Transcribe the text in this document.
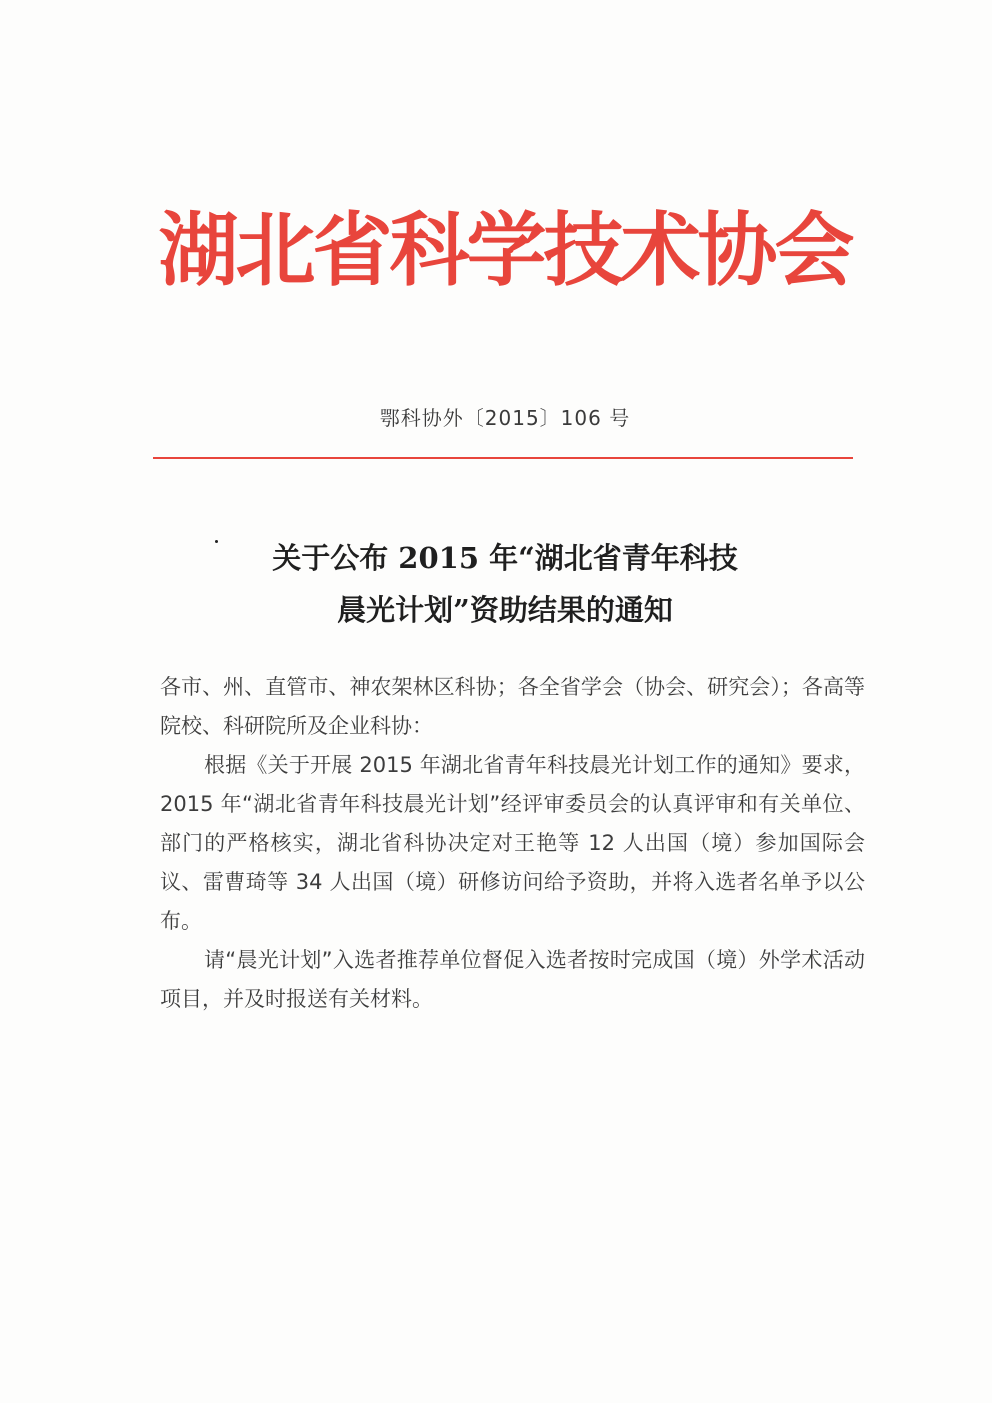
湖北省科学技术协会
鄂科协外〔2015〕106 号
关于公布 2015 年“湖北省青年科技
晨光计划”资助结果的通知

各市、州、直管市、神农架林区科协；各全省学会（协会、研究会）；各高等院校、科研院所及企业科协：

根据《关于开展 2015 年湖北省青年科技晨光计划工作的通知》要求，2015 年“湖北省青年科技晨光计划”经评审委员会的认真评审和有关单位、部门的严格核实，湖北省科协决定对王艳等 12 人出国（境）参加国际会议、雷曹琦等 34 人出国（境）研修访问给予资助，并将入选者名单予以公布。

请“晨光计划”入选者推荐单位督促入选者按时完成国（境）外学术活动项目，并及时报送有关材料。
